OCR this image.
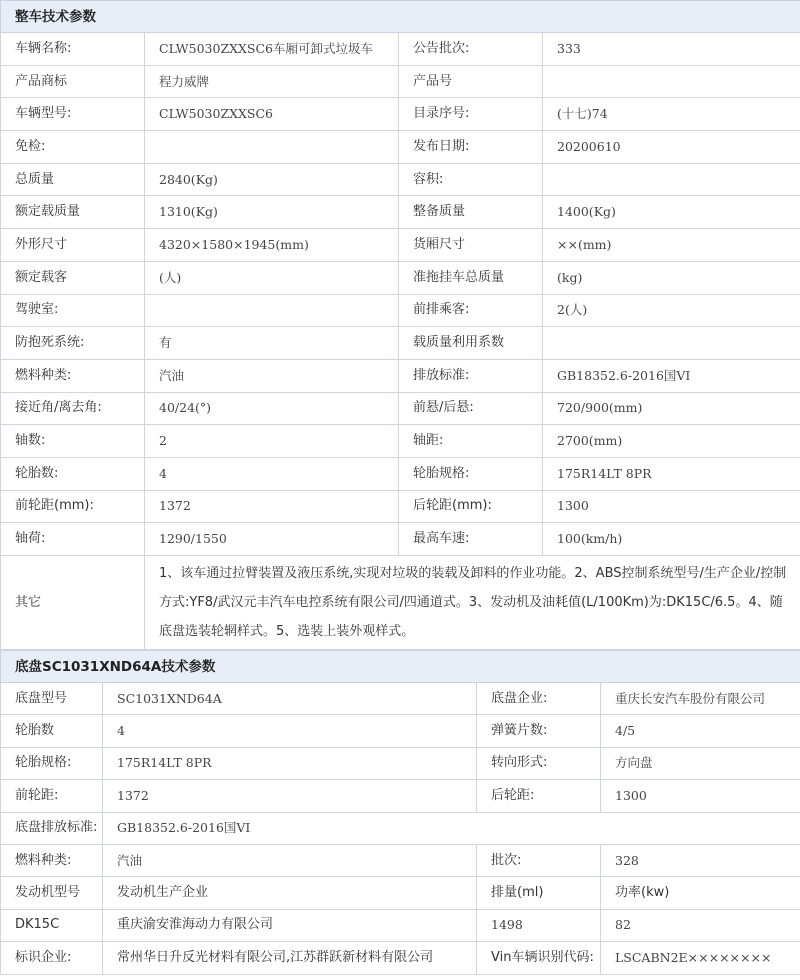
整车技术参数			
车辆名称:	CLW5030ZXXSC6车厢可卸式垃圾车	公告批次:	333
产品商标	程力威牌	产品号	
车辆型号:	CLW5030ZXXSC6	目录序号:	(十七)74
免检:		发布日期:	20200610
总质量	2840(Kg)	容积:	
额定载质量	1310(Kg)	整备质量	1400(Kg)
外形尺寸	4320×1580×1945(mm)	货厢尺寸	××(mm)
额定载客	(人)	准拖挂车总质量	(kg)
驾驶室:		前排乘客:	2(人)
防抱死系统:	有	载质量利用系数	
燃料种类:	汽油	排放标准:	GB18352.6-2016国VI
接近角/离去角:	40/24(°)	前悬/后悬:	720/900(mm)
轴数:	2	轴距:	2700(mm)
轮胎数:	4	轮胎规格:	175R14LT 8PR
前轮距(mm):	1372	后轮距(mm):	1300
轴荷:	1290/1550	最高车速:	100(km/h)
其它	1、该车通过拉臂装置及液压系统,实现对垃圾的装载及卸料的作业功能。2、ABS控制系统型号/生产企业/控制方式:YF8/武汉元丰汽车电控系统有限公司/四通道式。3、发动机及油耗值(L/100Km)为:DK15C/6.5。4、随底盘选装轮辋样式。5、选装上装外观样式。		
底盘SC1031XND64A技术参数			
底盘型号	SC1031XND64A	底盘企业:	重庆长安汽车股份有限公司
轮胎数	4	弹簧片数:	4/5
轮胎规格:	175R14LT 8PR	转向形式:	方向盘
前轮距:	1372	后轮距:	1300
底盘排放标准:	GB18352.6-2016国VI		
燃料种类:	汽油	批次:	328
发动机型号	发动机生产企业	排量(ml)	功率(kw)
DK15C	重庆渝安淮海动力有限公司	1498	82
标识企业:	常州华日升反光材料有限公司,江苏群跃新材料有限公司	Vin车辆识别代码:	LSCABN2E××××××××
